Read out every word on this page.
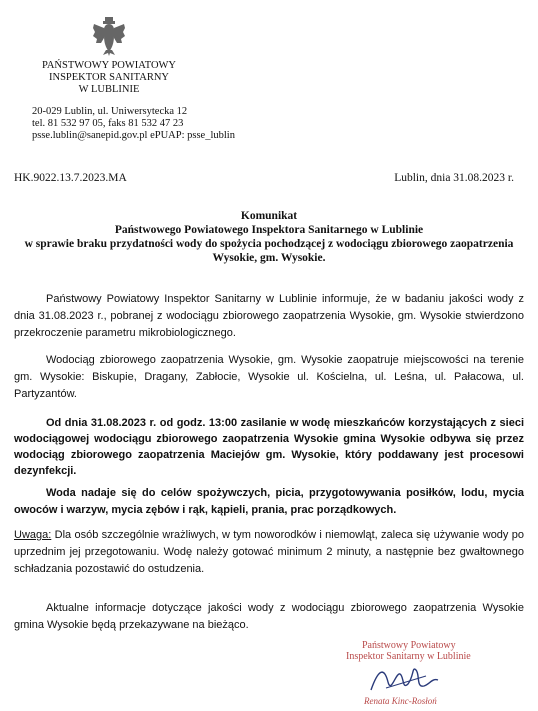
PAŃSTWOWY POWIATOWY
INSPEKTOR SANITARNY
W LUBLINIE
20-029 Lublin, ul. Uniwersytecka 12
tel. 81 532 97 05, faks 81 532 47 23
psse.lublin@sanepid.gov.pl ePUAP: psse_lublin
HK.9022.13.7.2023.MA	Lublin, dnia 31.08.2023 r.
Komunikat
Państwowego Powiatowego Inspektora Sanitarnego w Lublinie
w sprawie braku przydatności wody do spożycia pochodzącej z wodociągu zbiorowego zaopatrzenia
Wysokie, gm. Wysokie.
Państwowy Powiatowy Inspektor Sanitarny w Lublinie informuje, że w badaniu jakości wody z dnia 31.08.2023 r., pobranej z wodociągu zbiorowego zaopatrzenia Wysokie, gm. Wysokie stwierdzono przekroczenie parametru mikrobiologicznego.
Wodociąg zbiorowego zaopatrzenia Wysokie, gm. Wysokie zaopatruje miejscowości na terenie gm. Wysokie: Biskupie, Dragany, Zabłocie, Wysokie ul. Kościelna, ul. Leśna, ul. Pałacowa, ul. Partyzantów.
Od dnia 31.08.2023 r. od godz. 13:00 zasilanie w wodę mieszkańców korzystających z sieci wodociągowej wodociągu zbiorowego zaopatrzenia Wysokie gmina Wysokie odbywa się przez wodociąg zbiorowego zaopatrzenia Maciejów gm. Wysokie, który poddawany jest procesowi dezynfekcji.
Woda nadaje się do celów spożywczych, picia, przygotowywania posiłków, lodu, mycia owoców i warzyw, mycia zębów i rąk, kąpieli, prania, prac porządkowych.
Uwaga: Dla osób szczególnie wrażliwych, w tym noworodków i niemowląt, zaleca się używanie wody po uprzednim jej przegotowaniu. Wodę należy gotować minimum 2 minuty, a następnie bez gwałtownego schładzania pozostawić do ostudzenia.
Aktualne informacje dotyczące jakości wody z wodociągu zbiorowego zaopatrzenia Wysokie gmina Wysokie będą przekazywane na bieżąco.
Państwowy Powiatowy
Inspektor Sanitarny w Lublinie
Renata Kinc-Rosłoń
